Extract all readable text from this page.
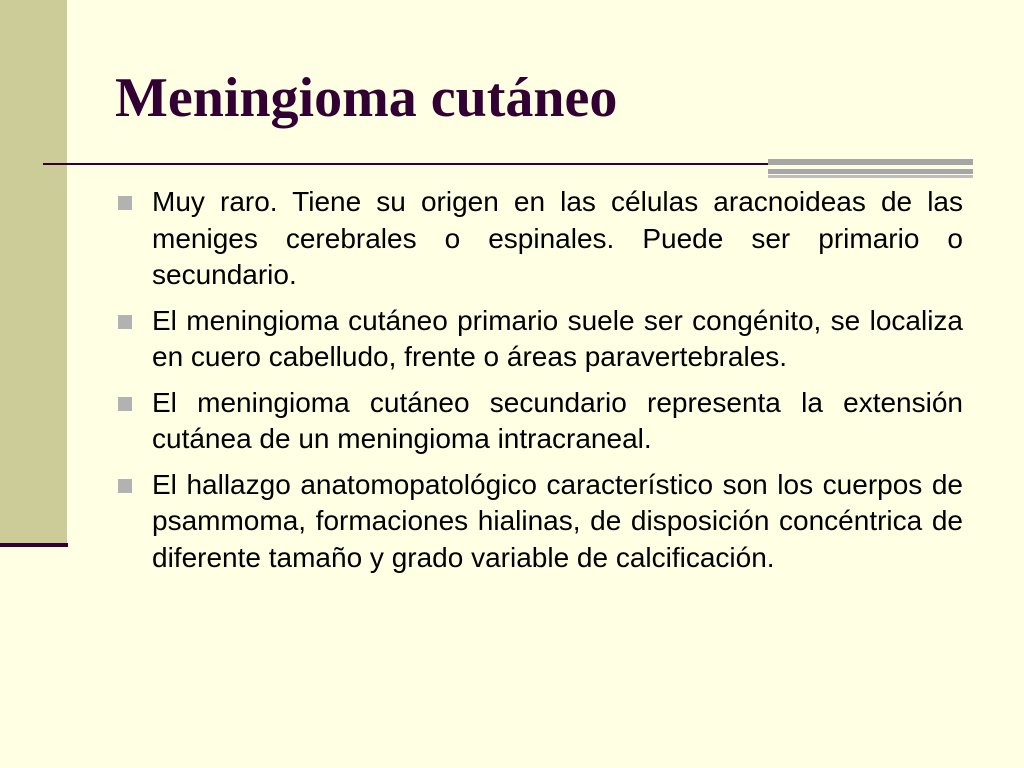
Meningioma cutáneo
Muy raro. Tiene su origen en las células aracnoideas de las meniges cerebrales o espinales. Puede ser primario o secundario.
El meningioma cutáneo primario suele ser congénito, se localiza en cuero cabelludo, frente o áreas paravertebrales.
El meningioma cutáneo secundario representa la extensión cutánea de un meningioma intracraneal.
El hallazgo anatomopatológico característico son los cuerpos de psammoma, formaciones hialinas, de disposición concéntrica de diferente tamaño y grado variable de calcificación.
